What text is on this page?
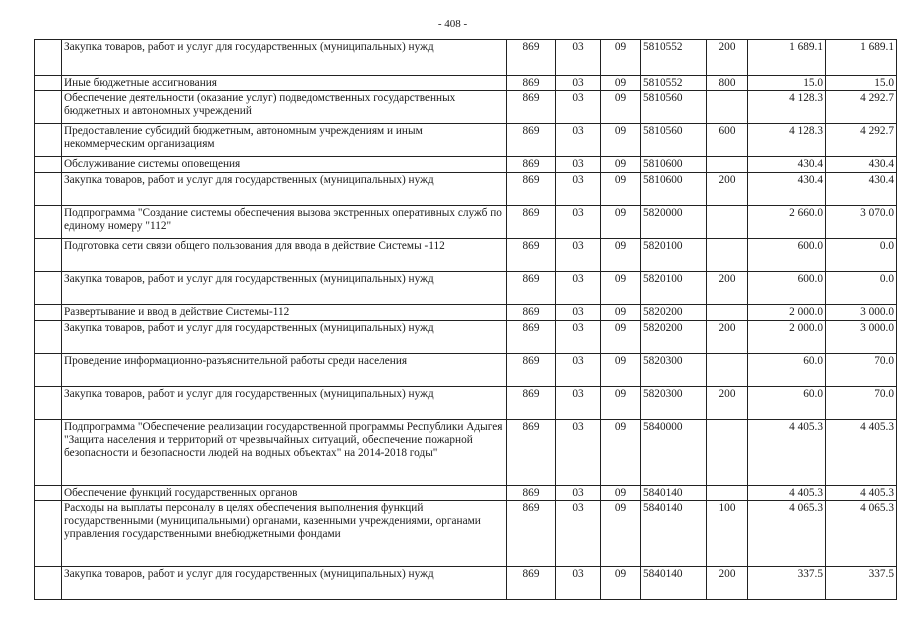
- 408 -
	Закупка товаров, работ и услуг для государственных (муниципальных) нужд	869	03	09	5810552	200	1 689.1	1 689.1
	Иные бюджетные ассигнования	869	03	09	5810552	800	15.0	15.0
	Обеспечение деятельности (оказание услуг) подведомственных государственных бюджетных и автономных учреждений	869	03	09	5810560		4 128.3	4 292.7
	Предоставление субсидий бюджетным, автономным учреждениям и иным некоммерческим организациям	869	03	09	5810560	600	4 128.3	4 292.7
	Обслуживание системы оповещения	869	03	09	5810600		430.4	430.4
	Закупка товаров, работ и услуг для государственных (муниципальных) нужд	869	03	09	5810600	200	430.4	430.4
	Подпрограмма "Создание системы обеспечения вызова экстренных оперативных служб по единому номеру "112"	869	03	09	5820000		2 660.0	3 070.0
	Подготовка сети связи общего пользования для ввода в действие Системы -112	869	03	09	5820100		600.0	0.0
	Закупка товаров, работ и услуг для государственных (муниципальных) нужд	869	03	09	5820100	200	600.0	0.0
	Развертывание и ввод в действие Системы-112	869	03	09	5820200		2 000.0	3 000.0
	Закупка товаров, работ и услуг для государственных (муниципальных) нужд	869	03	09	5820200	200	2 000.0	3 000.0
	Проведение информационно-разъяснительной работы среди населения	869	03	09	5820300		60.0	70.0
	Закупка товаров, работ и услуг для государственных (муниципальных) нужд	869	03	09	5820300	200	60.0	70.0
	Подпрограмма "Обеспечение реализации государственной программы Республики Адыгея "Защита населения и территорий от чрезвычайных ситуаций, обеспечение пожарной безопасности и безопасности людей на водных объектах" на 2014-2018 годы"	869	03	09	5840000		4 405.3	4 405.3
	Обеспечение функций государственных органов	869	03	09	5840140		4 405.3	4 405.3
	Расходы на выплаты персоналу в целях обеспечения выполнения функций государственными (муниципальными) органами, казенными учреждениями, органами управления государственными внебюджетными фондами	869	03	09	5840140	100	4 065.3	4 065.3
	Закупка товаров, работ и услуг для государственных (муниципальных) нужд	869	03	09	5840140	200	337.5	337.5
